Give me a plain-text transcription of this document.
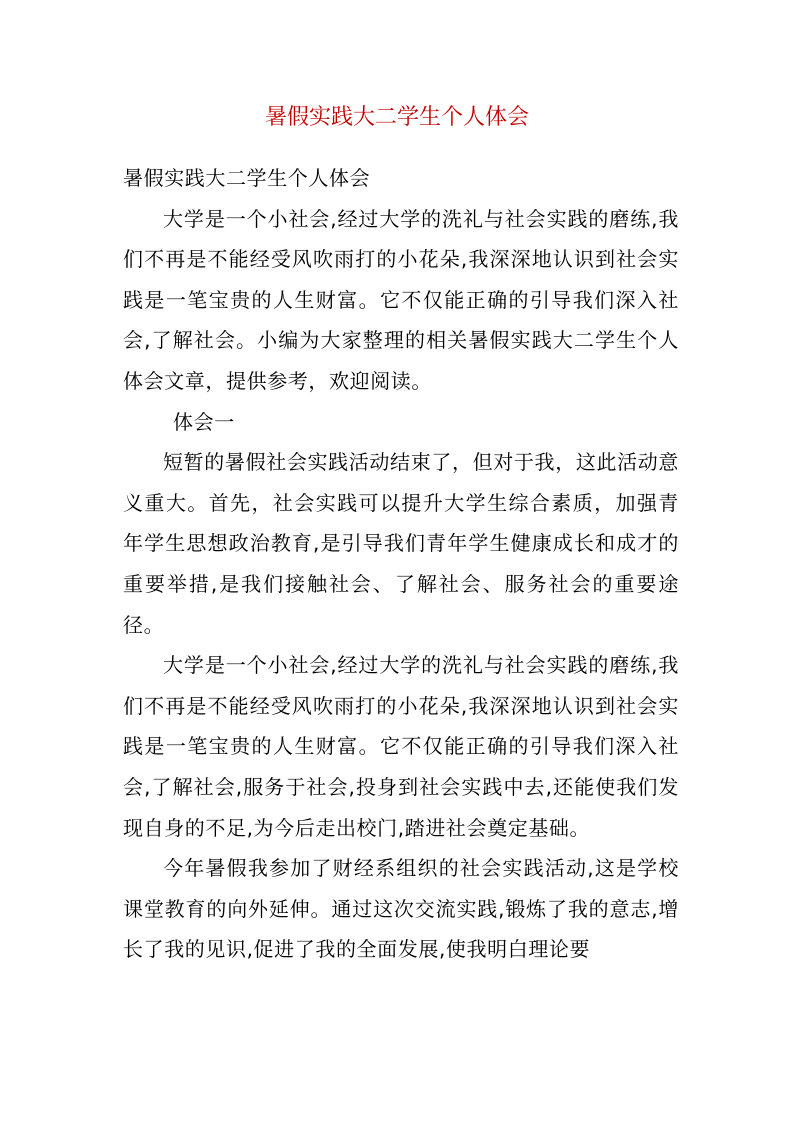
暑假实践大二学生个人体会

暑假实践大二学生个人体会

大学是一个小社会,经过大学的洗礼与社会实践的磨练,我们不再是不能经受风吹雨打的小花朵,我深深地认识到社会实践是一笔宝贵的人生财富。它不仅能正确的引导我们深入社会,了解社会。小编为大家整理的相关暑假实践大二学生个人体会文章，提供参考，欢迎阅读。

体会一

短暂的暑假社会实践活动结束了，但对于我，这此活动意义重大。首先，社会实践可以提升大学生综合素质，加强青年学生思想政治教育,是引导我们青年学生健康成长和成才的重要举措,是我们接触社会、了解社会、服务社会的重要途径。

大学是一个小社会,经过大学的洗礼与社会实践的磨练,我们不再是不能经受风吹雨打的小花朵,我深深地认识到社会实践是一笔宝贵的人生财富。它不仅能正确的引导我们深入社会,了解社会,服务于社会,投身到社会实践中去,还能使我们发现自身的不足,为今后走出校门,踏进社会奠定基础。

今年暑假我参加了财经系组织的社会实践活动,这是学校课堂教育的向外延伸。通过这次交流实践,锻炼了我的意志,增长了我的见识,促进了我的全面发展,使我明白理论要
